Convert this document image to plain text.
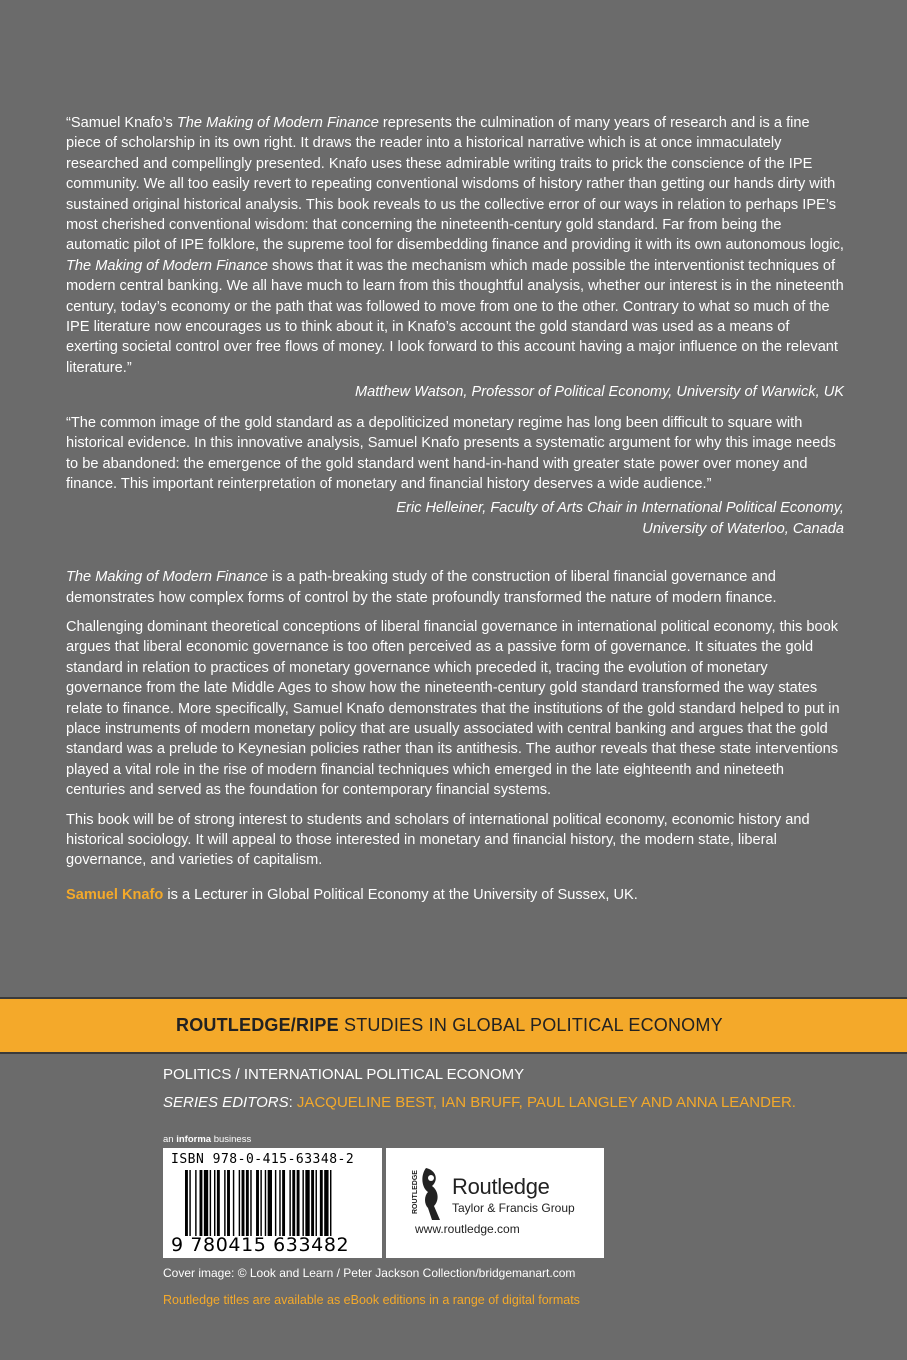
“Samuel Knafo’s The Making of Modern Finance represents the culmination of many years of research and is a fine piece of scholarship in its own right. It draws the reader into a historical narrative which is at once immaculately researched and compellingly presented. Knafo uses these admirable writing traits to prick the conscience of the IPE community. We all too easily revert to repeating conventional wisdoms of history rather than getting our hands dirty with sustained original historical analysis. This book reveals to us the collective error of our ways in relation to perhaps IPE’s most cherished conventional wisdom: that concerning the nineteenth-century gold standard. Far from being the automatic pilot of IPE folklore, the supreme tool for disembedding finance and providing it with its own autonomous logic, The Making of Modern Finance shows that it was the mechanism which made possible the interventionist techniques of modern central banking. We all have much to learn from this thoughtful analysis, whether our interest is in the nineteenth century, today’s economy or the path that was followed to move from one to the other. Contrary to what so much of the IPE literature now encourages us to think about it, in Knafo’s account the gold standard was used as a means of exerting societal control over free flows of money. I look forward to this account having a major influence on the relevant literature.”

Matthew Watson, Professor of Political Economy, University of Warwick, UK

“The common image of the gold standard as a depoliticized monetary regime has long been difficult to square with historical evidence. In this innovative analysis, Samuel Knafo presents a systematic argument for why this image needs to be abandoned: the emergence of the gold standard went hand-in-hand with greater state power over money and finance. This important reinterpretation of monetary and financial history deserves a wide audience.”

Eric Helleiner, Faculty of Arts Chair in International Political Economy,
University of Waterloo, Canada

The Making of Modern Finance is a path-breaking study of the construction of liberal financial governance and demonstrates how complex forms of control by the state profoundly transformed the nature of modern finance.

Challenging dominant theoretical conceptions of liberal financial governance in international political economy, this book argues that liberal economic governance is too often perceived as a passive form of governance. It situates the gold standard in relation to practices of monetary governance which preceded it, tracing the evolution of monetary governance from the late Middle Ages to show how the nineteenth-century gold standard transformed the way states relate to finance. More specifically, Samuel Knafo demonstrates that the institutions of the gold standard helped to put in place instruments of modern monetary policy that are usually associated with central banking and argues that the gold standard was a prelude to Keynesian policies rather than its antithesis. The author reveals that these state interventions played a vital role in the rise of modern financial techniques which emerged in the late eighteenth and nineteeth centuries and served as the foundation for contemporary financial systems.

This book will be of strong interest to students and scholars of international political economy, economic history and historical sociology. It will appeal to those interested in monetary and financial history, the modern state, liberal governance, and varieties of capitalism.

Samuel Knafo is a Lecturer in Global Political Economy at the University of Sussex, UK.

ROUTLEDGE/RIPE STUDIES IN GLOBAL POLITICAL ECONOMY
POLITICS / INTERNATIONAL POLITICAL ECONOMY
SERIES EDITORS: JACQUELINE BEST, IAN BRUFF, PAUL LANGLEY AND ANNA LEANDER.
an informa business
ISBN 978-0-415-63348-2
9 780415 633482
ROUTLEDGE	Routledge
Taylor & Francis Group
www.routledge.com
Cover image: © Look and Learn / Peter Jackson Collection/bridgemanart.com
Routledge titles are available as eBook editions in a range of digital formats
